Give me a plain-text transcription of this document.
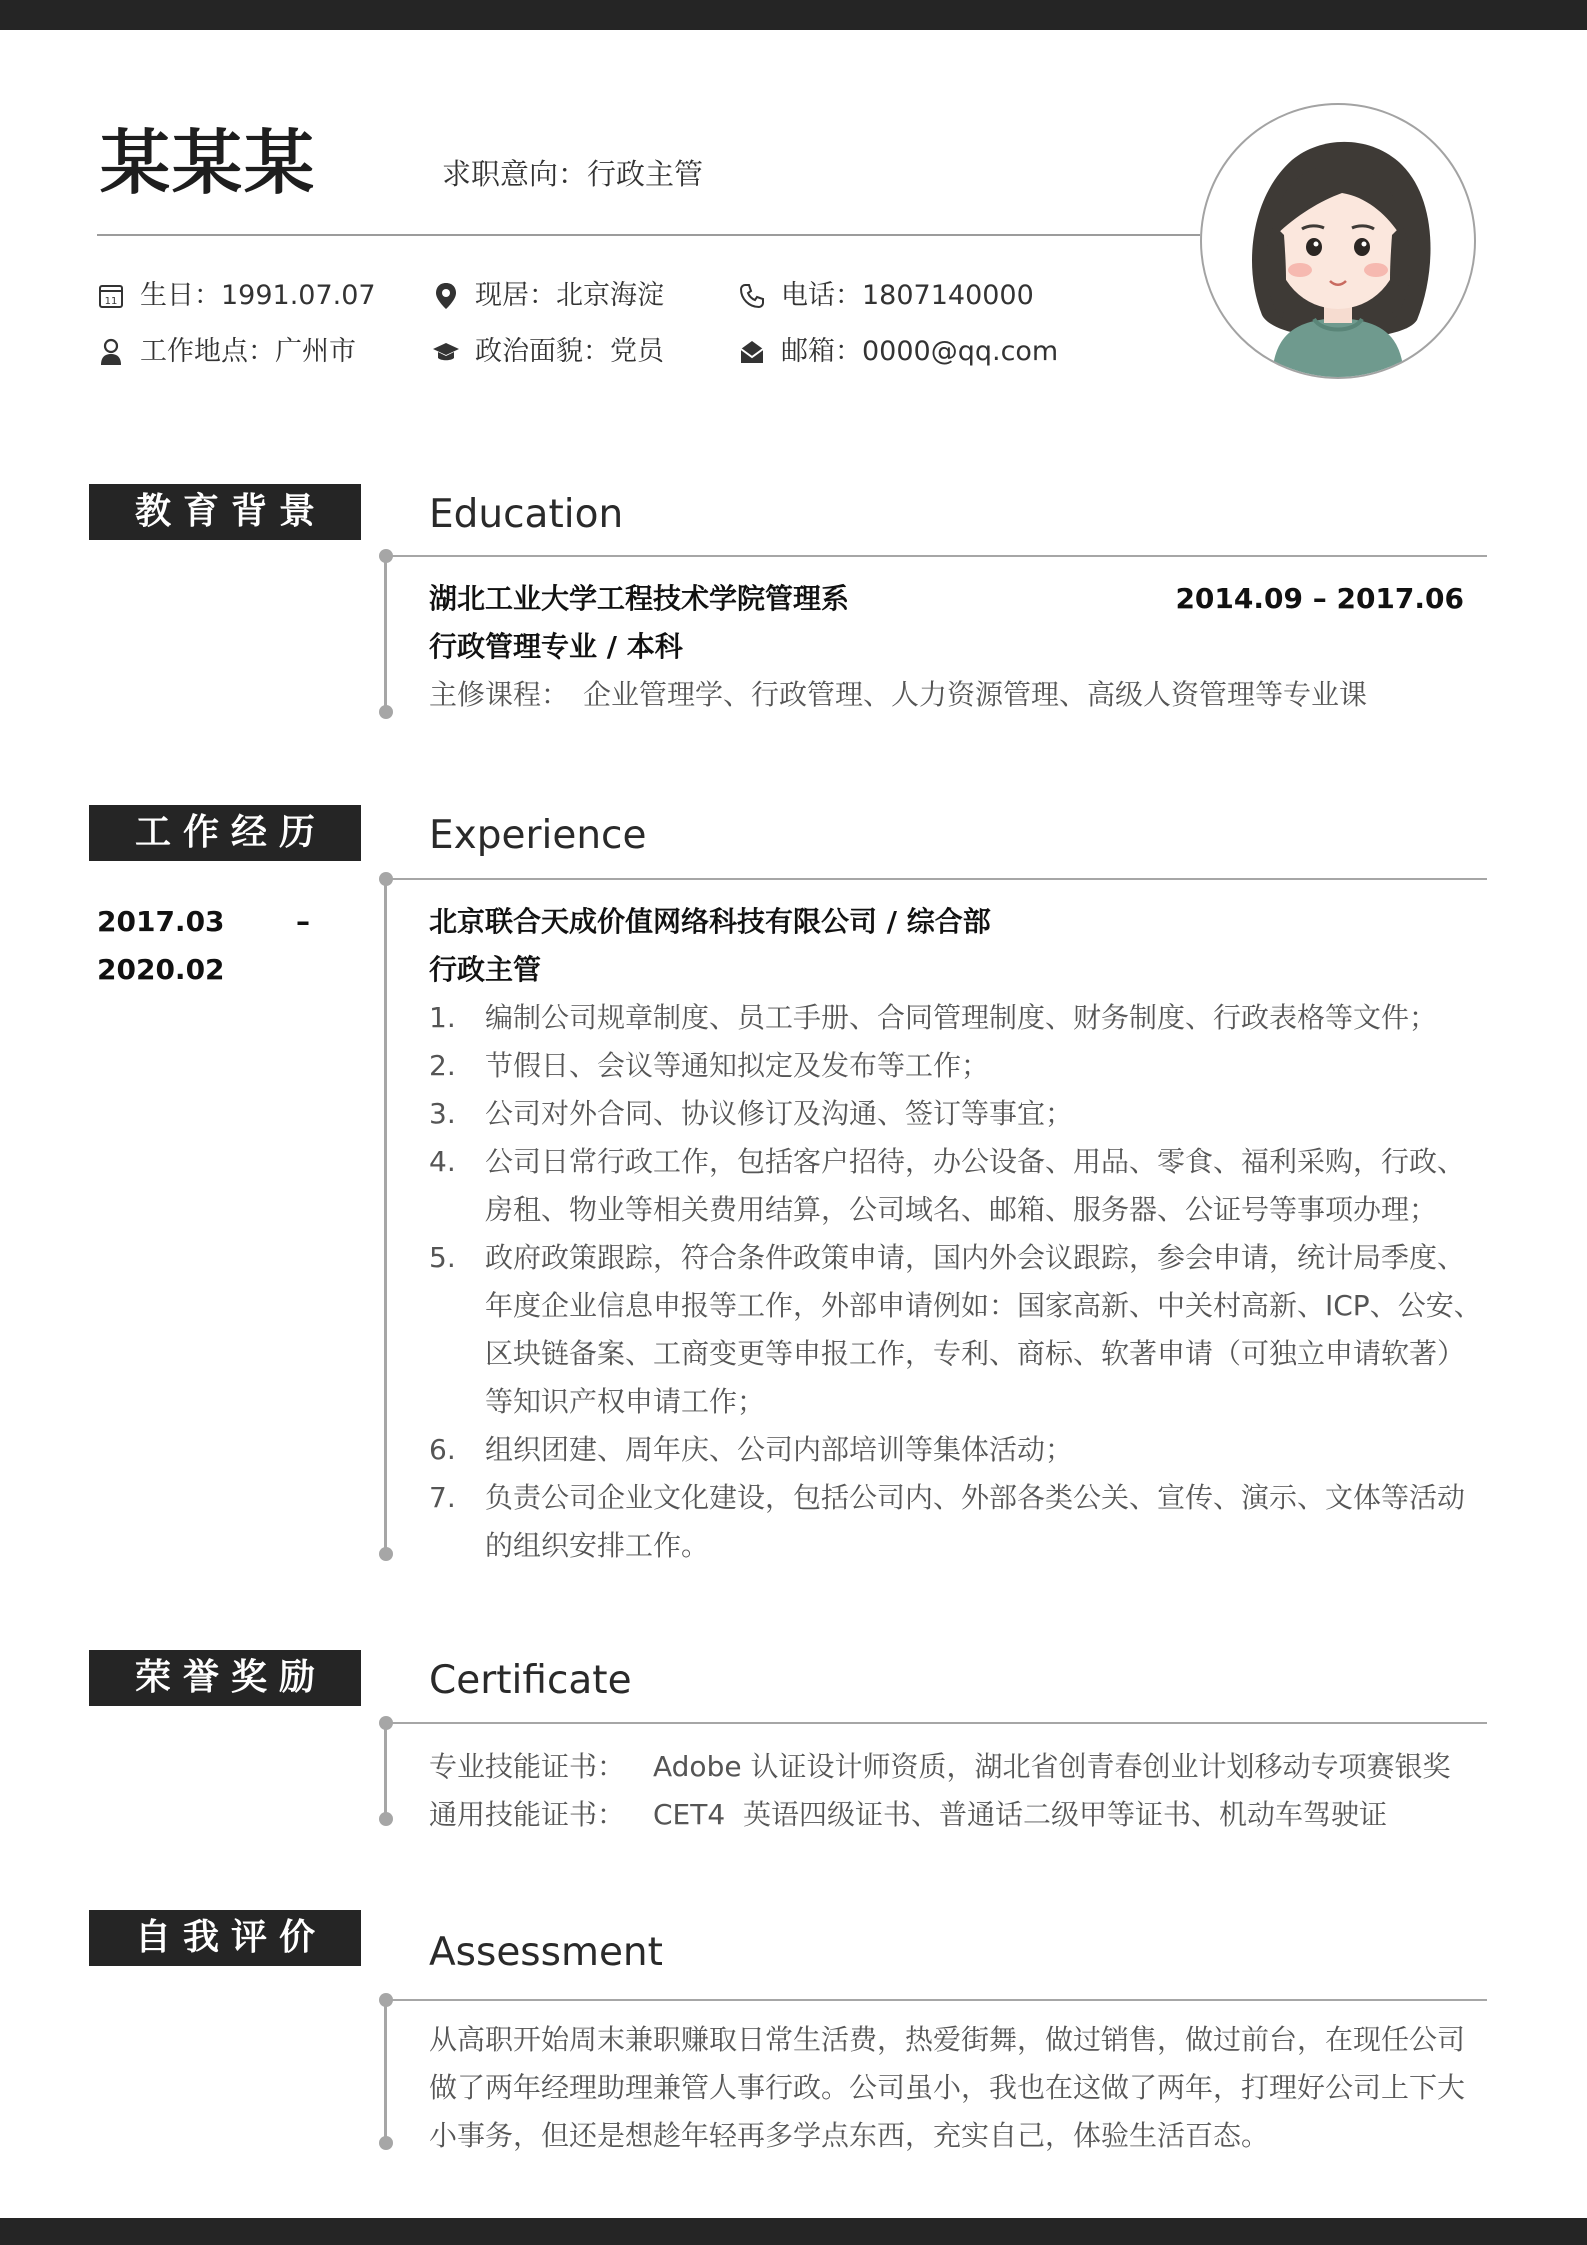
某某某	求职意向：行政主管
11 生日：1991.07.07	现居：北京海淀	电话：1807140000
工作地点：广州市	政治面貌：党员	邮箱：0000@qq.com
教育背景	Education
湖北工业大学工程技术学院管理系	2014.09 – 2017.06
行政管理专业 / 本科
主修课程： 企业管理学、行政管理、人力资源管理、高级人资管理等专业课
工作经历	Experience
2017.03	–
2020.02
北京联合天成价值网络科技有限公司 / 综合部
行政主管
1.	编制公司规章制度、员工手册、合同管理制度、财务制度、行政表格等文件；
2.	节假日、会议等通知拟定及发布等工作；
3.	公司对外合同、协议修订及沟通、签订等事宜；
4.	公司日常行政工作，包括客户招待，办公设备、用品、零食、福利采购，行政、
房租、物业等相关费用结算，公司域名、邮箱、服务器、公证号等事项办理；
5.	政府政策跟踪，符合条件政策申请，国内外会议跟踪，参会申请，统计局季度、
年度企业信息申报等工作，外部申请例如：国家高新、中关村高新、ICP、公安、
区块链备案、工商变更等申报工作，专利、商标、软著申请（可独立申请软著）
等知识产权申请工作；
6.	组织团建、周年庆、公司内部培训等集体活动；
7.	负责公司企业文化建设，包括公司内、外部各类公关、宣传、演示、文体等活动
的组织安排工作。
荣誉奖励	Certificate
专业技能证书： Adobe 认证设计师资质，湖北省创青春创业计划移动专项赛银奖
通用技能证书： CET4  英语四级证书、普通话二级甲等证书、机动车驾驶证
自我评价	Assessment
从高职开始周末兼职赚取日常生活费，热爱街舞，做过销售，做过前台，在现任公司
做了两年经理助理兼管人事行政。公司虽小，我也在这做了两年，打理好公司上下大
小事务，但还是想趁年轻再多学点东西，充实自己，体验生活百态。
